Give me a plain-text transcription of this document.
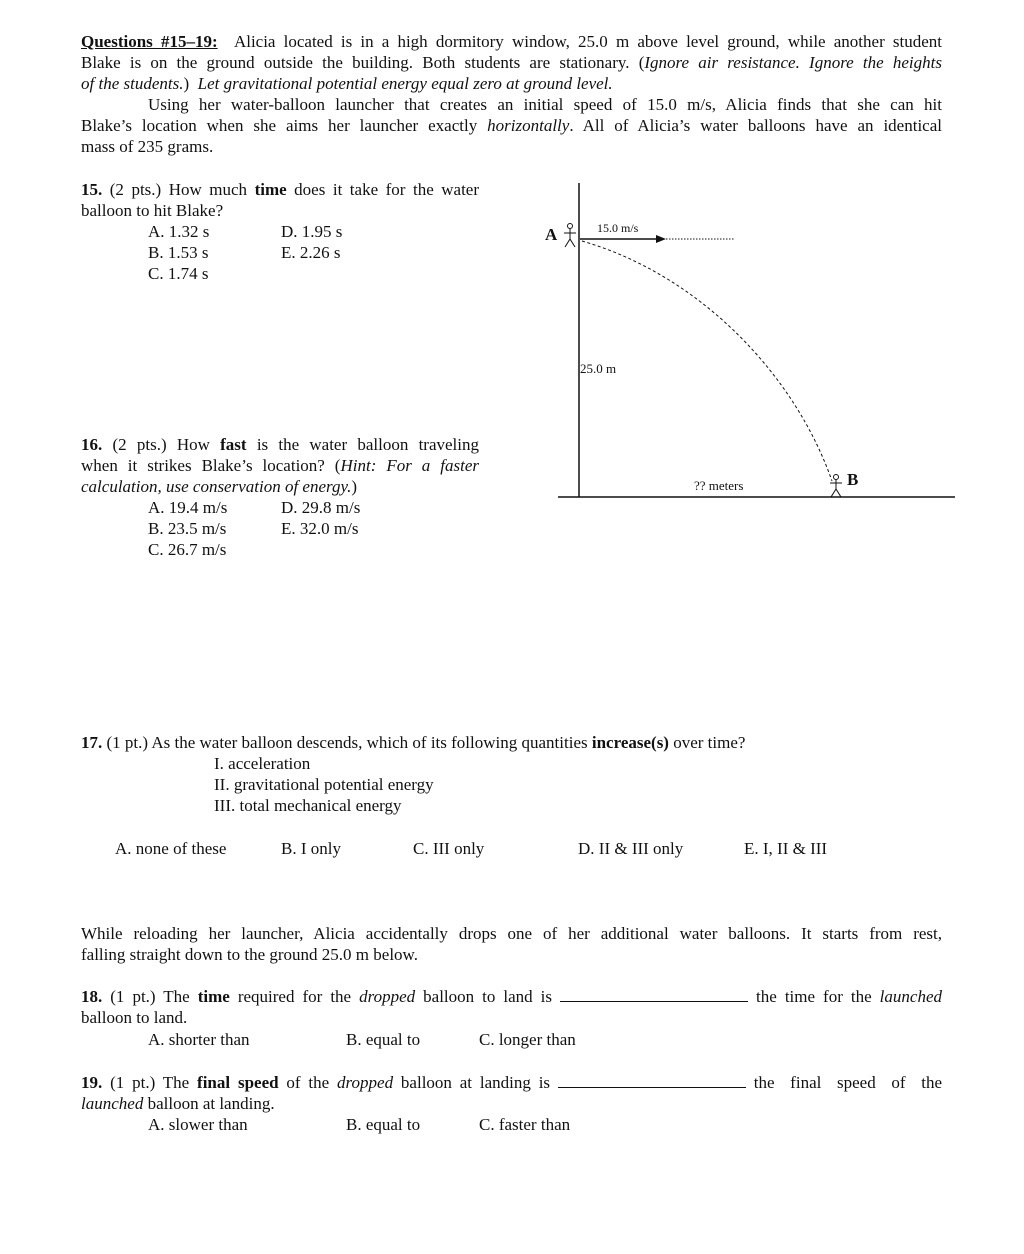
Questions #15–19: Alicia located is in a high dormitory window, 25.0 m above level ground, while another student
Blake is on the ground outside the building. Both students are stationary. (Ignore air resistance. Ignore the heights
of the students.)  Let gravitational potential energy equal zero at ground level.
Using her water-balloon launcher that creates an initial speed of 15.0 m/s, Alicia finds that she can hit
Blake’s location when she aims her launcher exactly horizontally. All of Alicia’s water balloons have an identical
mass of 235 grams.
15. (2 pts.) How much time does it take for the water
balloon to hit Blake?
A. 1.32 s
B. 1.53 s
C. 1.74 s
D. 1.95 s
E. 2.26 s
A	15.0 m/s
25.0 m
?? meters	B
16. (2 pts.) How fast is the water balloon traveling
when it strikes Blake’s location? (Hint: For a faster
calculation, use conservation of energy.)
A. 19.4 m/s
B. 23.5 m/s
C. 26.7 m/s
D. 29.8 m/s
E. 32.0 m/s
17. (1 pt.) As the water balloon descends, which of its following quantities increase(s) over time?
I. acceleration
II. gravitational potential energy
III. total mechanical energy
A. none of these	B. I only	C. III only	D. II & III only	E. I, II & III
While reloading her launcher, Alicia accidentally drops one of her additional water balloons. It starts from rest,
falling straight down to the ground 25.0 m below.
18. (1 pt.) The time required for the dropped balloon to land is	the time for the launched
balloon to land.
A. shorter than	B. equal to	C. longer than
19. (1 pt.) The final speed of the dropped balloon at landing is	the  final  speed  of  the
launched balloon at landing.
A. slower than	B. equal to	C. faster than
